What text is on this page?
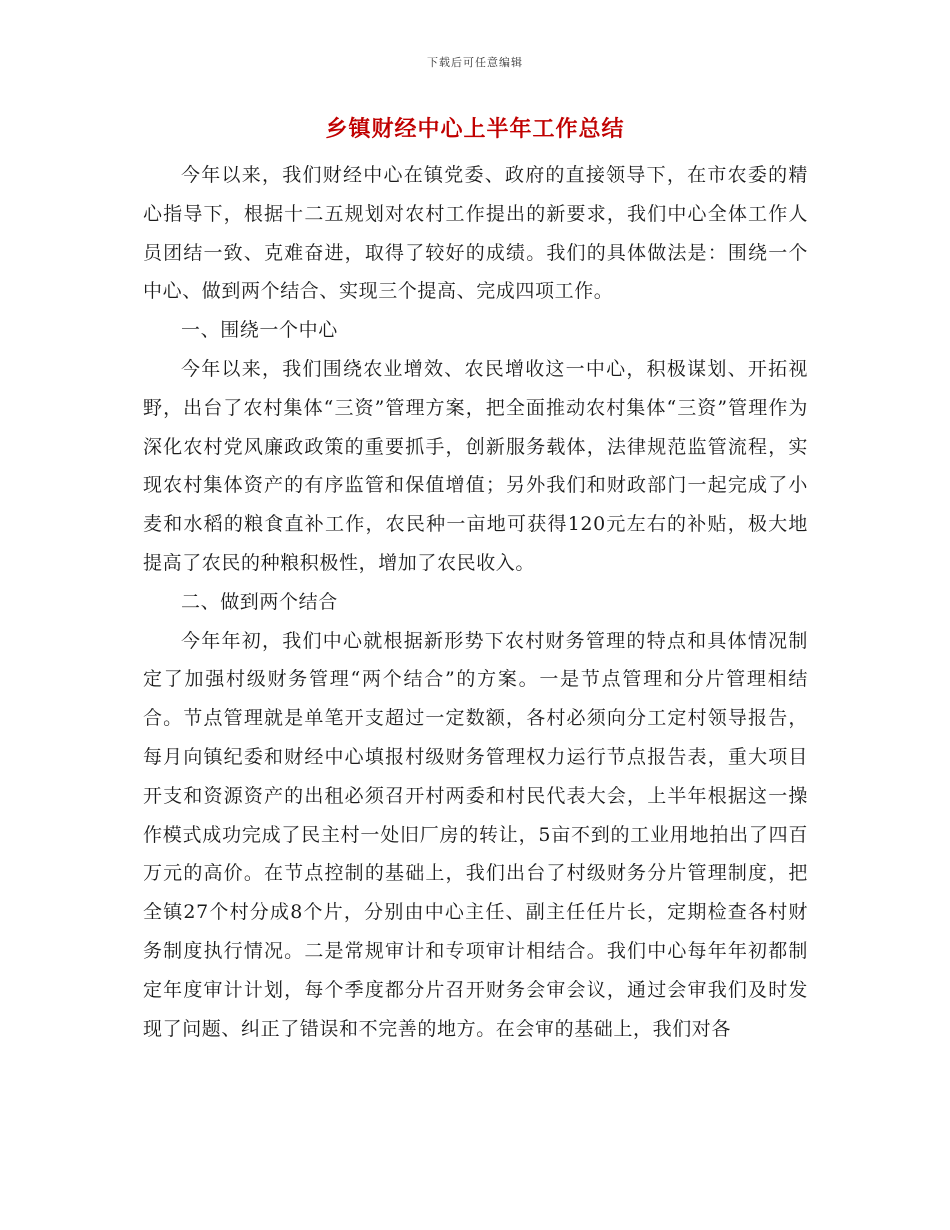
下载后可任意编辑
乡镇财经中心上半年工作总结

今年以来，我们财经中心在镇党委、政府的直接领导下，在市农委的精心指导下，根据十二五规划对农村工作提出的新要求，我们中心全体工作人员团结一致、克难奋进，取得了较好的成绩。我们的具体做法是：围绕一个中心、做到两个结合、实现三个提高、完成四项工作。

一、围绕一个中心

今年以来，我们围绕农业增效、农民增收这一中心，积极谋划、开拓视野，出台了农村集体“三资”管理方案，把全面推动农村集体“三资”管理作为深化农村党风廉政政策的重要抓手，创新服务载体，法律规范监管流程，实现农村集体资产的有序监管和保值增值；另外我们和财政部门一起完成了小麦和水稻的粮食直补工作，农民种一亩地可获得120元左右的补贴，极大地提高了农民的种粮积极性，增加了农民收入。

二、做到两个结合

今年年初，我们中心就根据新形势下农村财务管理的特点和具体情况制定了加强村级财务管理“两个结合”的方案。一是节点管理和分片管理相结合。节点管理就是单笔开支超过一定数额，各村必须向分工定村领导报告，每月向镇纪委和财经中心填报村级财务管理权力运行节点报告表，重大项目开支和资源资产的出租必须召开村两委和村民代表大会，上半年根据这一操作模式成功完成了民主村一处旧厂房的转让，5亩不到的工业用地拍出了四百万元的高价。在节点控制的基础上，我们出台了村级财务分片管理制度，把全镇27个村分成8个片，分别由中心主任、副主任任片长，定期检查各村财务制度执行情况。二是常规审计和专项审计相结合。我们中心每年年初都制定年度审计计划，每个季度都分片召开财务会审会议，通过会审我们及时发现了问题、纠正了错误和不完善的地方。在会审的基础上，我们对各
